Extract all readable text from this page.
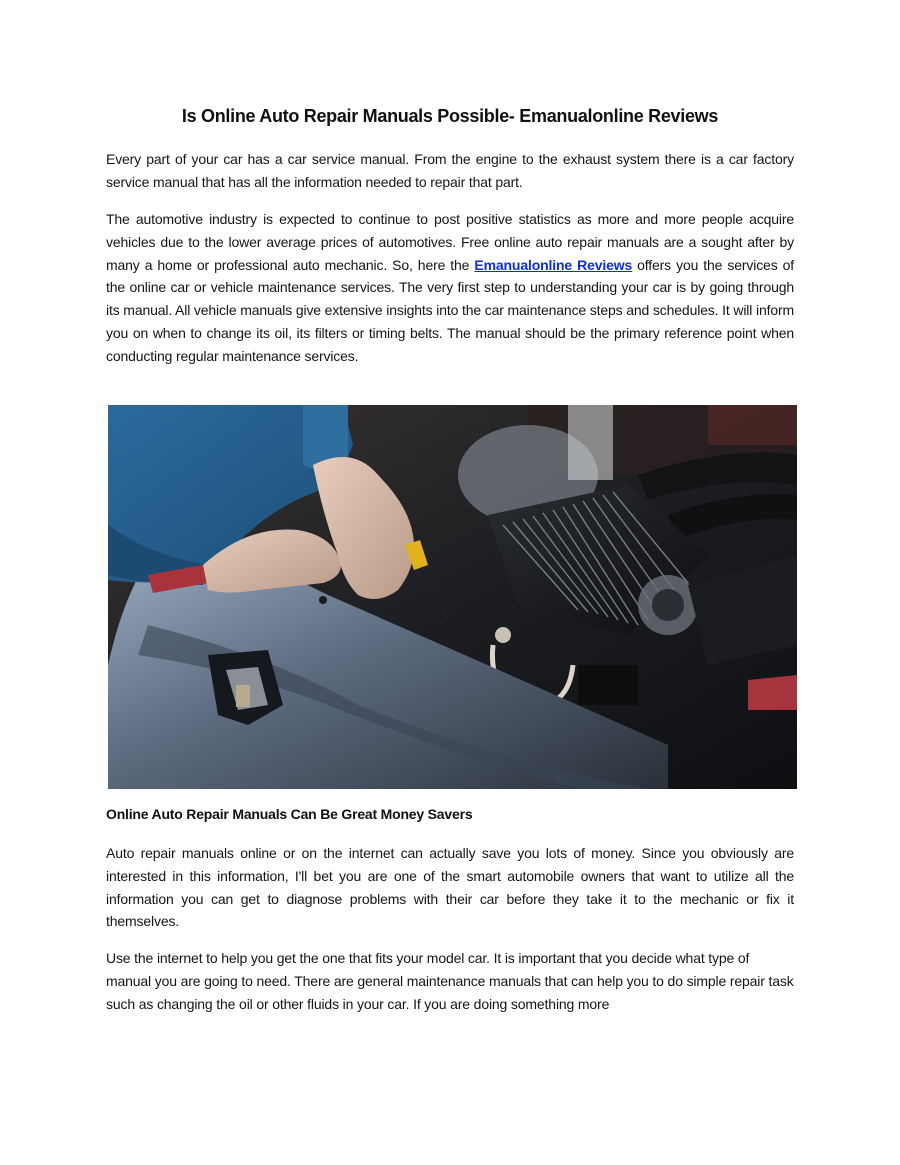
Is Online Auto Repair Manuals Possible- Emanualonline Reviews

Every part of your car has a car service manual. From the engine to the exhaust system there is a car factory service manual that has all the information needed to repair that part.

The automotive industry is expected to continue to post positive statistics as more and more people acquire vehicles due to the lower average prices of automotives. Free online auto repair manuals are a sought after by many a home or professional auto mechanic. So, here the Emanualonline Reviews offers you the services of the online car or vehicle maintenance services. The very first step to understanding your car is by going through its manual. All vehicle manuals give extensive insights into the car maintenance steps and schedules. It will inform you on when to change its oil, its filters or timing belts. The manual should be the primary reference point when conducting regular maintenance services.

Online Auto Repair Manuals Can Be Great Money Savers

Auto repair manuals online or on the internet can actually save you lots of money. Since you obviously are interested in this information, I'll bet you are one of the smart automobile owners that want to utilize all the information you can get to diagnose problems with their car before they take it to the mechanic or fix it themselves.

Use the internet to help you get the one that fits your model car. It is important that you decide what type of manual you are going to need. There are general maintenance manuals that can help you to do simple repair task such as changing the oil or other fluids in your car. If you are doing something more
